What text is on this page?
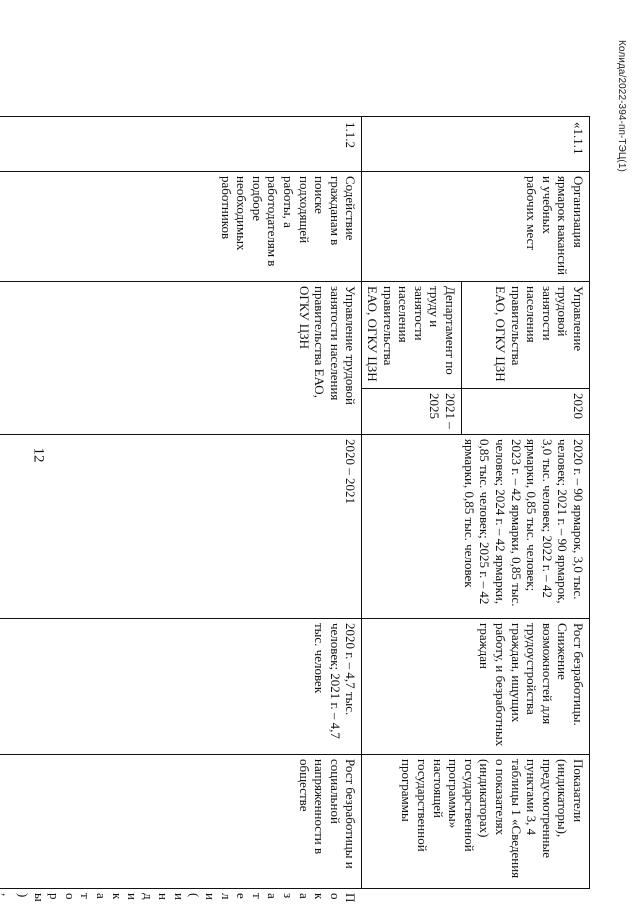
Колида/2022-394-пп-ТЭЦ(1)
12
«1.1.1	Организация ярмарок вакансий и учебных рабочих мест	Управление трудовой занятости населения правительства ЕАО, ОГКУ ЦЗН	2020	2020 г. – 90 ярмарок, 3,0 тыс. человек; 2021 г. – 90 ярмарок, 3,0 тыс. человек; 2022 г. – 42 ярмарки, 0,85 тыс. человек; 2023 г. – 42 ярмарки, 0,85 тыс. человек; 2024 г. – 42 ярмарки, 0,85 тыс. человек; 2025 г. – 42 ярмарки, 0,85 тыс. человек	Рост безработицы. Снижение возможностей для трудоустройства граждан, ищущих работу, и безработных граждан	Показатели (индикаторы), предусмотренные пунктами 3, 4 таблицы 1 «Сведения о показателях (индикаторах) государственной программы» настоящей государственной программы	
		Департамент по труду и занятости населения правительства ЕАО, ОГКУ ЦЗН	2021 – 2025				
1.1.2	Содействие гражданам в поиске подходящей работы, а работодателям в подборе необходимых работников	Управление трудовой занятости населения правительства ЕАО, ОГКУ ЦЗН		2020 – 2021	2020 г. – 4,7 тыс. человек; 2021 г. – 4,7 тыс. человек	Рост безработицы и социальной напряженности в обществе	Показатели (индикаторы),
